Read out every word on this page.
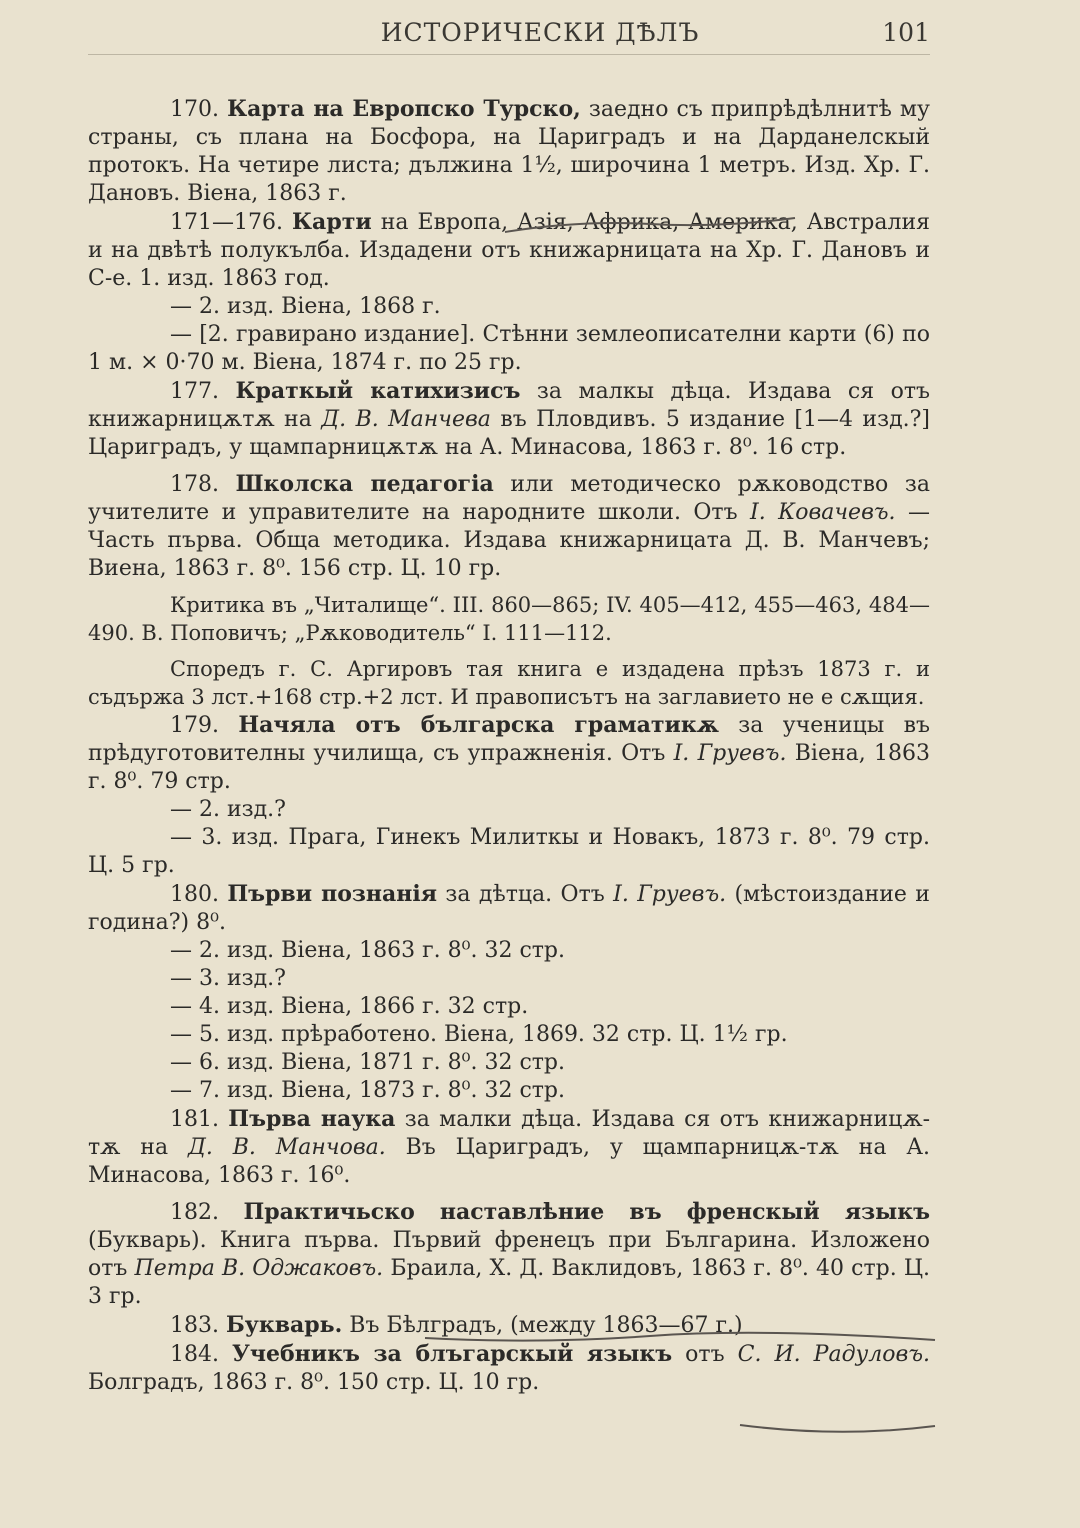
ИСТОРИЧЕСКИ ДѢЛЪ	101

170. Карта на Европско Турско, заедно съ припрѣдѣлнитѣ му страны, съ плана на Босфора, на Цариградъ и на Дарданелскый протокъ. На четире листа; дължина 1½, широчина 1 метръ. Изд. Хр. Г. Дановъ. Віена, 1863 г.

171—176. Карти на Европа, Азія, Африка, Америка, Австралия и на двѣтѣ полукълба. Издадени отъ книжарницата на Хр. Г. Дановъ и С-е. 1. изд. 1863 год.

— 2. изд. Віена, 1868 г.

— [2. гравирано издание]. Стѣнни землеописателни карти (6) по 1 м. × 0·70 м. Віена, 1874 г. по 25 гр.

177. Краткый катихизисъ за малкы дѣца. Издава ся отъ книжарницѫтѫ на Д. В. Манчева въ Пловдивъ. 5 издание [1—4 изд.?] Цариградъ, у щампарницѫтѫ на А. Минасова, 1863 г. 8⁰. 16 стр.

178. Школска педагогіа или методическо рѫководство за учителите и управителите на народните школи. Отъ I. Ковачевъ. — Часть първа. Обща методика. Издава книжарницата Д. В. Манчевъ; Виена, 1863 г. 8⁰. 156 стр. Ц. 10 гр.

Критика въ „Читалище“. III. 860—865; IV. 405—412, 455—463, 484—490. В. Поповичъ; „Рѫководитель“ I. 111—112.

Споредъ г. С. Аргировъ тая книга е издадена прѣзъ 1873 г. и съдържа 3 лст.+168 стр.+2 лст. И правописътъ на заглавието не е сѫщия.

179. Начяла отъ българска граматикѫ за ученицы въ прѣдуготовителны училища, съ упражненія. Отъ I. Груевъ. Віена, 1863 г. 8⁰. 79 стр.

— 2. изд.?

— 3. изд. Прага, Гинекъ Милиткы и Новакъ, 1873 г. 8⁰. 79 стр. Ц. 5 гр.

180. Първи познанія за дѣтца. Отъ I. Груевъ. (мѣстоиздание и година?) 8⁰.

— 2. изд. Віена, 1863 г. 8⁰. 32 стр.

— 3. изд.?

— 4. изд. Віена, 1866 г. 32 стр.

— 5. изд. прѣработено. Віена, 1869. 32 стр. Ц. 1½ гр.

— 6. изд. Віена, 1871 г. 8⁰. 32 стр.

— 7. изд. Віена, 1873 г. 8⁰. 32 стр.

181. Първа наука за малки дѣца. Издава ся отъ книжарницѫ-тѫ на Д. В. Манчова. Въ Цариградъ, у щампарницѫ-тѫ на А. Минасова, 1863 г. 16⁰.

182. Практичьско наставлѣние въ френскый языкъ (Букварь). Книга първа. Първий френецъ при Българина. Изложено отъ Петра В. Оджаковъ. Браила, Х. Д. Ваклидовъ, 1863 г. 8⁰. 40 стр. Ц. 3 гр.

183. Букварь. Въ Бѣлградъ, (между 1863—67 г.)

184. Учебникъ за блъгарскый языкъ отъ С. И. Радуловъ. Болградъ, 1863 г. 8⁰. 150 стр. Ц. 10 гр.
